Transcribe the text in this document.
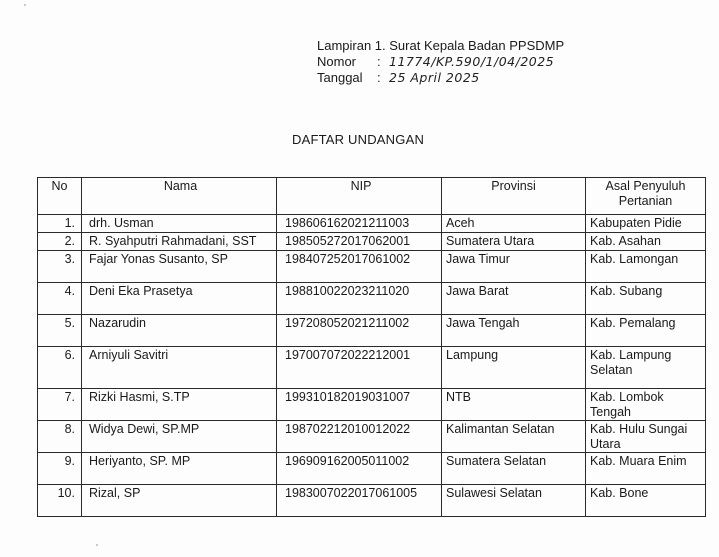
Lampiran 1. Surat Kepala Badan PPSDMP
Nomor	: 11774/KP.590/1/04/2025
Tanggal	: 25 April 2025
DAFTAR UNDANGAN
No	Nama	NIP	Provinsi	Asal Penyuluh Pertanian
1.	drh. Usman	198606162021211003	Aceh	Kabupaten Pidie
2.	R. Syahputri Rahmadani, SST	198505272017062001	Sumatera Utara	Kab. Asahan
3.	Fajar Yonas Susanto, SP	198407252017061002	Jawa Timur	Kab. Lamongan
4.	Deni Eka Prasetya	198810022023211020	Jawa Barat	Kab. Subang
5.	Nazarudin	197208052021211002	Jawa Tengah	Kab. Pemalang
6.	Arniyuli Savitri	197007072022212001	Lampung	Kab. Lampung Selatan
7.	Rizki Hasmi, S.TP	199310182019031007	NTB	Kab. Lombok Tengah
8.	Widya Dewi, SP.MP	198702212010012022	Kalimantan Selatan	Kab. Hulu Sungai Utara
9.	Heriyanto, SP. MP	196909162005011002	Sumatera Selatan	Kab. Muara Enim
10.	Rizal, SP	1983007022017061005	Sulawesi Selatan	Kab. Bone
